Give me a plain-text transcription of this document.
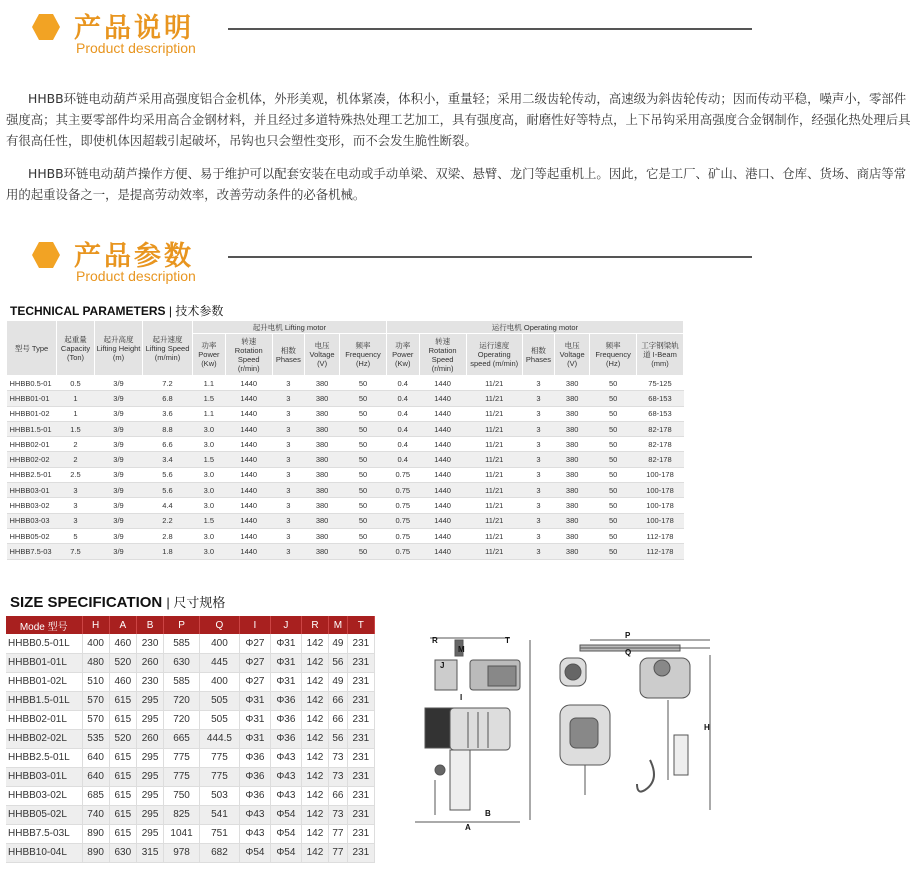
产品说明
Product description

HHBB环链电动葫芦采用高强度铝合金机体，外形美观，机体紧凑，体积小，重量轻；采用二级齿轮传动，高速级为斜齿轮传动；因而传动平稳，噪声小，零部件强度高；其主要零部件均采用高合金钢材料，并且经过多道特殊热处理工艺加工，具有强度高，耐磨性好等特点，上下吊钩采用高强度合金钢制作，经强化热处理后具有很高任性，即使机体因超载引起破坏，吊钩也只会塑性变形，而不会发生脆性断裂。

HHBB环链电动葫芦操作方便、易于维护可以配套安装在电动或手动单梁、双梁、悬臂、龙门等起重机上。因此，它是工厂、矿山、港口、仓库、货场、商店等常用的起重设备之一，是提高劳动效率，改善劳动条件的必备机械。

产品参数
Product description
TECHNICAL PARAMETERS | 技术参数
型号 Type	起重量 Capacity (Ton)	起升高度 Lifting Height (m)	起升速度 Lifting Speed (m/min)	起升电机 Lifting motor					运行电机 Operating motor						
				功率 Power (Kw)	转速 Rotation Speed (r/min)	相数 Phases	电压 Voltage (V)	频率 Frequency (Hz)	功率 Power (Kw)	转速 Rotation Speed (r/min)	运行速度 Operating speed (m/min)	相数 Phases	电压 Voltage (V)	频率 Frequency (Hz)	工字钢梁轨道 I-Beam (mm)
HHBB0.5-01	0.5	3/9	7.2	1.1	1440	3	380	50	0.4	1440	11/21	3	380	50	75-125
HHBB01-01	1	3/9	6.8	1.5	1440	3	380	50	0.4	1440	11/21	3	380	50	68-153
HHBB01-02	1	3/9	3.6	1.1	1440	3	380	50	0.4	1440	11/21	3	380	50	68-153
HHBB1.5-01	1.5	3/9	8.8	3.0	1440	3	380	50	0.4	1440	11/21	3	380	50	82-178
HHBB02-01	2	3/9	6.6	3.0	1440	3	380	50	0.4	1440	11/21	3	380	50	82-178
HHBB02-02	2	3/9	3.4	1.5	1440	3	380	50	0.4	1440	11/21	3	380	50	82-178
HHBB2.5-01	2.5	3/9	5.6	3.0	1440	3	380	50	0.75	1440	11/21	3	380	50	100-178
HHBB03-01	3	3/9	5.6	3.0	1440	3	380	50	0.75	1440	11/21	3	380	50	100-178
HHBB03-02	3	3/9	4.4	3.0	1440	3	380	50	0.75	1440	11/21	3	380	50	100-178
HHBB03-03	3	3/9	2.2	1.5	1440	3	380	50	0.75	1440	11/21	3	380	50	100-178
HHBB05-02	5	3/9	2.8	3.0	1440	3	380	50	0.75	1440	11/21	3	380	50	112-178
HHBB7.5-03	7.5	3/9	1.8	3.0	1440	3	380	50	0.75	1440	11/21	3	380	50	112-178
SIZE SPECIFICATION | 尺寸规格
Mode 型号	H	A	B	P	Q	I	J	R	M	T
HHBB0.5-01L	400	460	230	585	400	Φ27	Φ31	142	49	231
HHBB01-01L	480	520	260	630	445	Φ27	Φ31	142	56	231
HHBB01-02L	510	460	230	585	400	Φ27	Φ31	142	49	231
HHBB1.5-01L	570	615	295	720	505	Φ31	Φ36	142	66	231
HHBB02-01L	570	615	295	720	505	Φ31	Φ36	142	66	231
HHBB02-02L	535	520	260	665	444.5	Φ31	Φ36	142	56	231
HHBB2.5-01L	640	615	295	775	775	Φ36	Φ43	142	73	231
HHBB03-01L	640	615	295	775	775	Φ36	Φ43	142	73	231
HHBB03-02L	685	615	295	750	503	Φ36	Φ43	142	66	231
HHBB05-02L	740	615	295	825	541	Φ43	Φ54	142	73	231
HHBB7.5-03L	890	615	295	1041	751	Φ43	Φ54	142	77	231
HHBB10-04L	890	630	315	978	682	Φ54	Φ54	142	77	231
R
M
T
J
I
B
A
P
Q
H
